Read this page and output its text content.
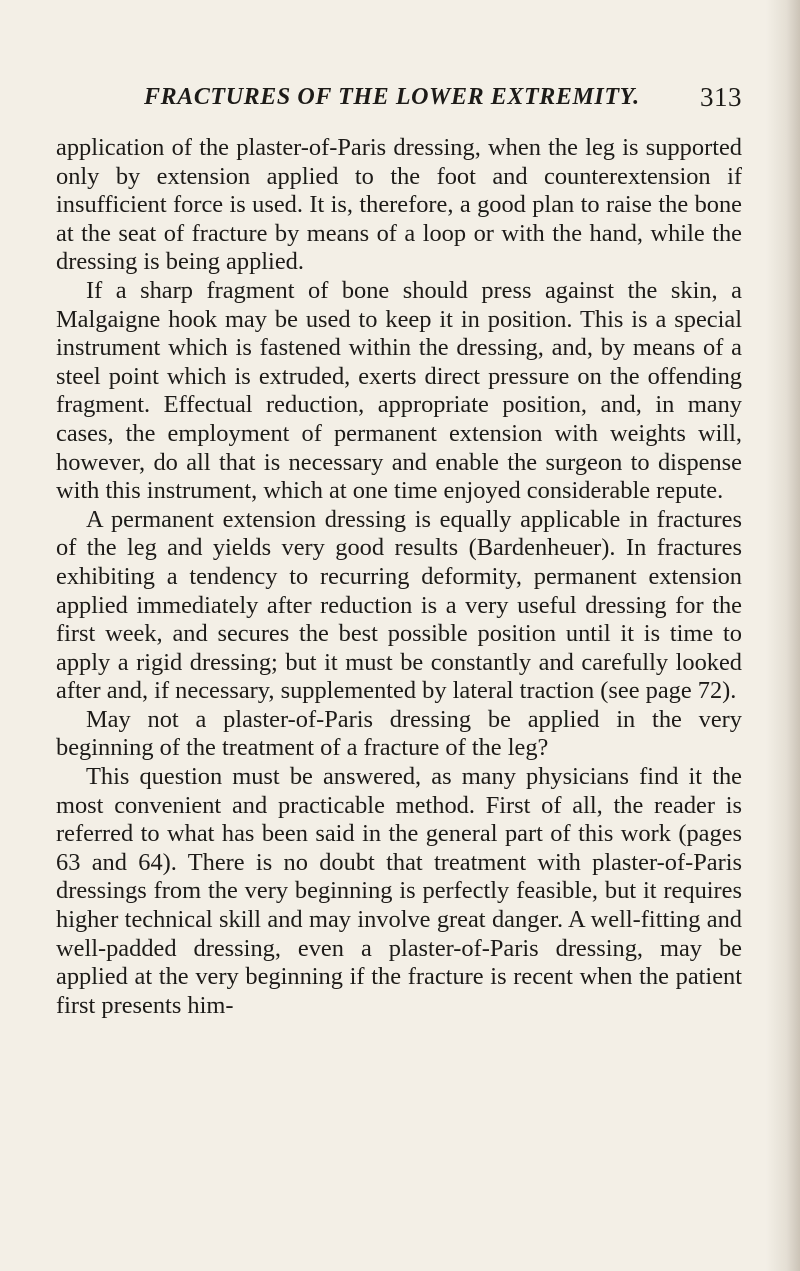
FRACTURES OF THE LOWER EXTREMITY. 313

application of the plaster-of-Paris dressing, when the leg is supported only by extension applied to the foot and counterextension if insufficient force is used. It is, therefore, a good plan to raise the bone at the seat of fracture by means of a loop or with the hand, while the dressing is being applied.

If a sharp fragment of bone should press against the skin, a Malgaigne hook may be used to keep it in position. This is a special instrument which is fastened within the dressing, and, by means of a steel point which is extruded, exerts direct pressure on the offending fragment. Effectual reduction, appropriate position, and, in many cases, the employment of permanent extension with weights will, however, do all that is necessary and enable the surgeon to dispense with this instrument, which at one time enjoyed considerable repute.

A permanent extension dressing is equally applicable in fractures of the leg and yields very good results (Bardenheuer). In fractures exhibiting a tendency to recurring deformity, permanent extension applied immediately after reduction is a very useful dressing for the first week, and secures the best possible position until it is time to apply a rigid dressing; but it must be constantly and carefully looked after and, if necessary, supplemented by lateral traction (see page 72).

May not a plaster-of-Paris dressing be applied in the very beginning of the treatment of a fracture of the leg?

This question must be answered, as many physicians find it the most convenient and practicable method. First of all, the reader is referred to what has been said in the general part of this work (pages 63 and 64). There is no doubt that treatment with plaster-of-Paris dressings from the very beginning is perfectly feasible, but it requires higher technical skill and may involve great danger. A well-fitting and well-padded dressing, even a plaster-of-Paris dressing, may be applied at the very beginning if the fracture is recent when the patient first presents him-
